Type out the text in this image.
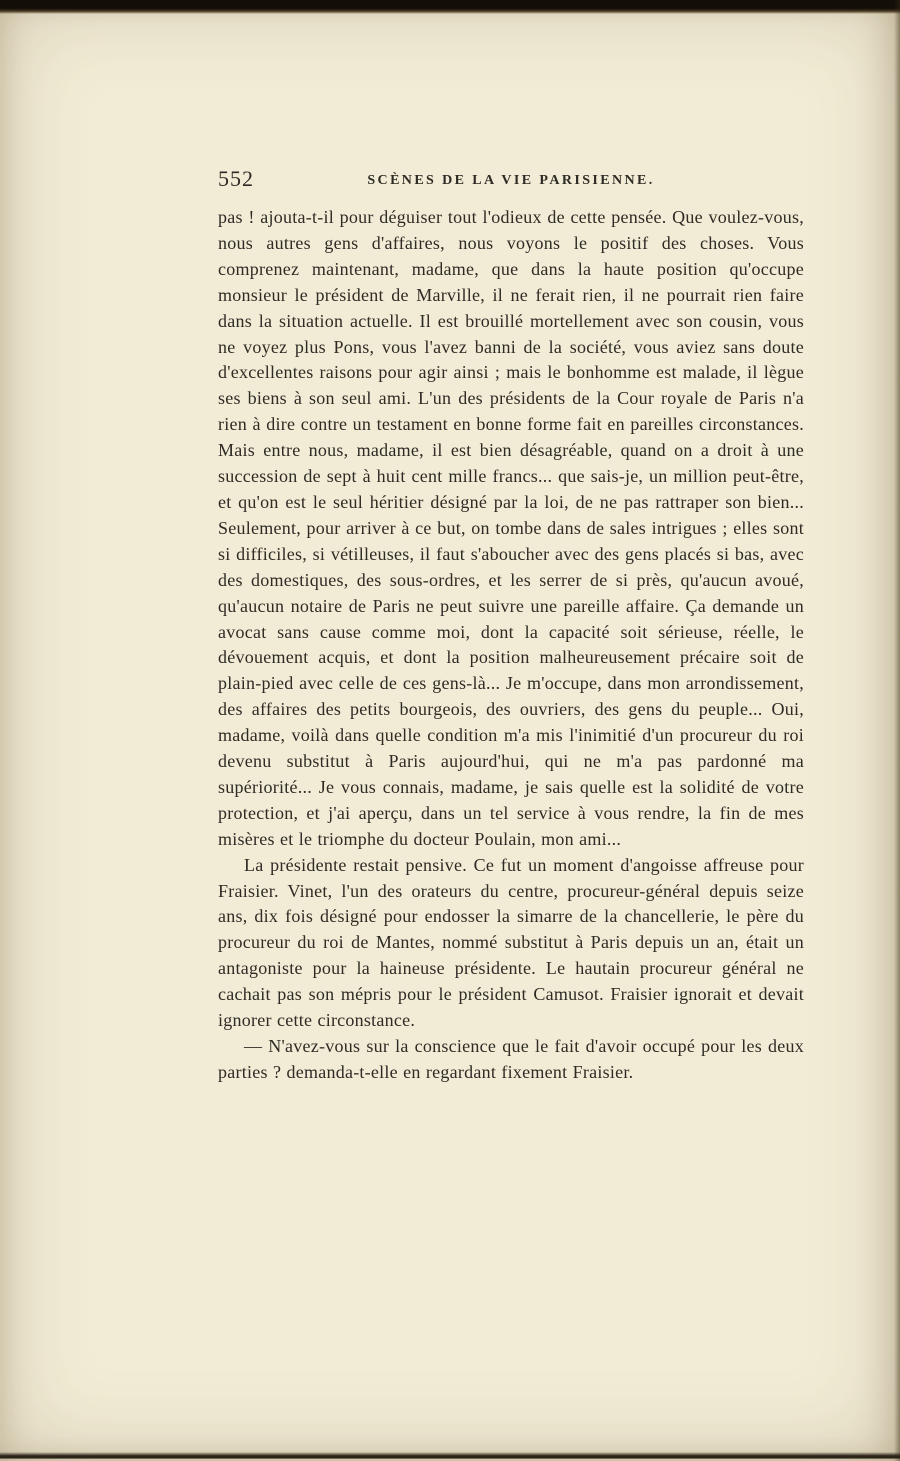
552	SCÈNES DE LA VIE PARISIENNE.

pas ! ajouta-t-il pour déguiser tout l'odieux de cette pensée. Que voulez-vous, nous autres gens d'affaires, nous voyons le positif des choses. Vous comprenez maintenant, madame, que dans la haute position qu'occupe monsieur le président de Marville, il ne ferait rien, il ne pourrait rien faire dans la situation actuelle. Il est brouillé mortellement avec son cousin, vous ne voyez plus Pons, vous l'avez banni de la société, vous aviez sans doute d'excellentes raisons pour agir ainsi ; mais le bonhomme est malade, il lègue ses biens à son seul ami. L'un des présidents de la Cour royale de Paris n'a rien à dire contre un testament en bonne forme fait en pareilles circonstances. Mais entre nous, madame, il est bien désagréable, quand on a droit à une succession de sept à huit cent mille francs... que sais-je, un million peut-être, et qu'on est le seul héritier désigné par la loi, de ne pas rattraper son bien... Seulement, pour arriver à ce but, on tombe dans de sales intrigues ; elles sont si difficiles, si vétilleuses, il faut s'aboucher avec des gens placés si bas, avec des domestiques, des sous-ordres, et les serrer de si près, qu'aucun avoué, qu'aucun notaire de Paris ne peut suivre une pareille affaire. Ça demande un avocat sans cause comme moi, dont la capacité soit sérieuse, réelle, le dévouement acquis, et dont la position malheureusement précaire soit de plain-pied avec celle de ces gens-là... Je m'occupe, dans mon arrondissement, des affaires des petits bourgeois, des ouvriers, des gens du peuple... Oui, madame, voilà dans quelle condition m'a mis l'inimitié d'un procureur du roi devenu substitut à Paris aujourd'hui, qui ne m'a pas pardonné ma supériorité... Je vous connais, madame, je sais quelle est la solidité de votre protection, et j'ai aperçu, dans un tel service à vous rendre, la fin de mes misères et le triomphe du docteur Poulain, mon ami...

La présidente restait pensive. Ce fut un moment d'angoisse affreuse pour Fraisier. Vinet, l'un des orateurs du centre, procureur-général depuis seize ans, dix fois désigné pour endosser la simarre de la chancellerie, le père du procureur du roi de Mantes, nommé substitut à Paris depuis un an, était un antagoniste pour la haineuse présidente. Le hautain procureur général ne cachait pas son mépris pour le président Camusot. Fraisier ignorait et devait ignorer cette circonstance.

— N'avez-vous sur la conscience que le fait d'avoir occupé pour les deux parties ? demanda-t-elle en regardant fixement Fraisier.
